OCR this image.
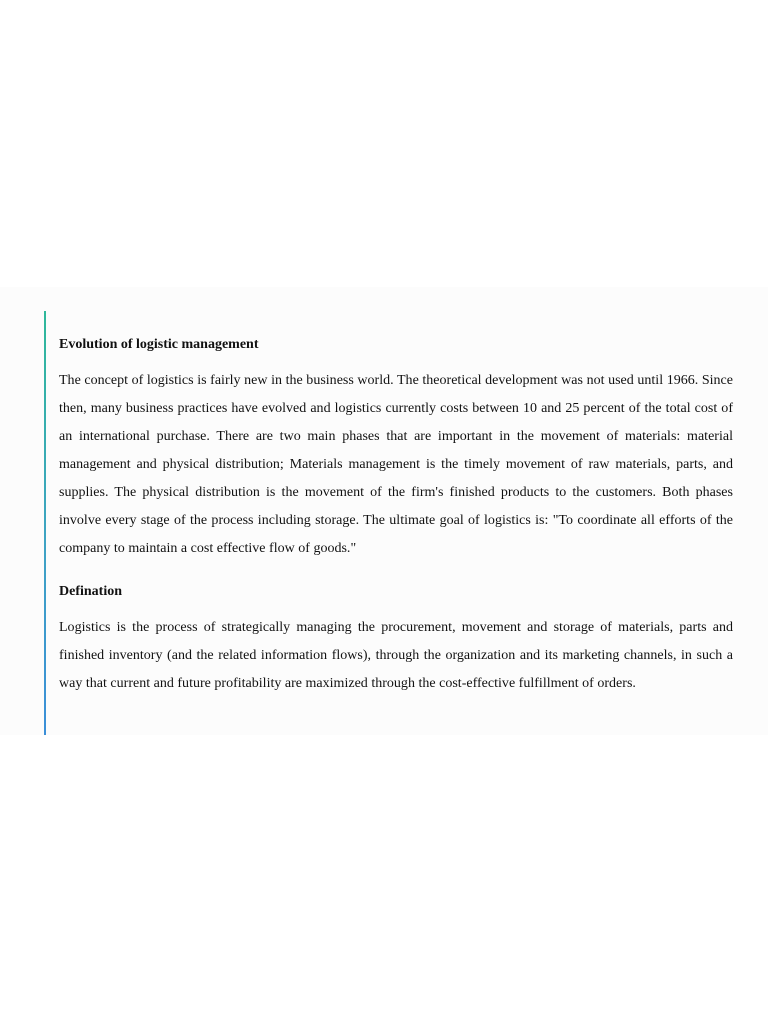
Evolution of logistic management

The concept of logistics is fairly new in the business world. The theoretical development was not used until 1966. Since then, many business practices have evolved and logistics currently costs between 10 and 25 percent of the total cost of an international purchase. There are two main phases that are important in the movement of materials: material management and physical distribution; Materials management is the timely movement of raw materials, parts, and supplies. The physical distribution is the movement of the firm's finished products to the customers. Both phases involve every stage of the process including storage. The ultimate goal of logistics is: "To coordinate all efforts of the company to maintain a cost effective flow of goods."

Defination

Logistics is the process of strategically managing the procurement, movement and storage of materials, parts and finished inventory (and the related information flows), through the organization and its marketing channels, in such a way that current and future profitability are maximized through the cost-effective fulfillment of orders.
